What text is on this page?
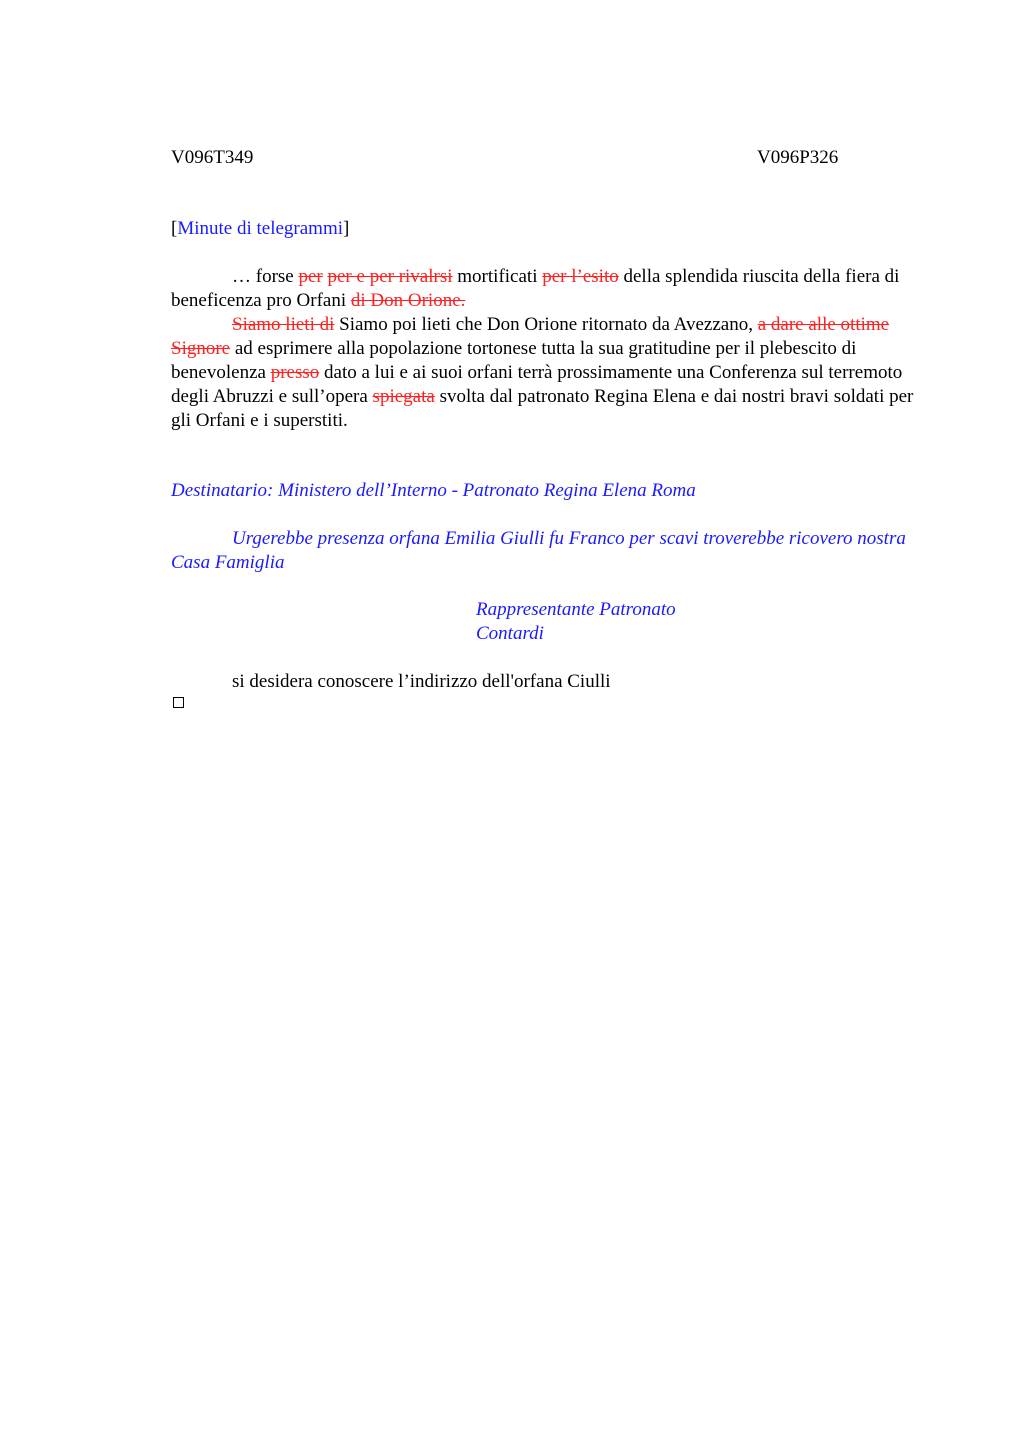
V096T349	V096P326
[Minute di telegrammi]

… forse per per e per rivalrsi mortificati per l’esito della splendida riuscita della fiera di beneficenza pro Orfani di Don Orione.

Siamo lieti di Siamo poi lieti che Don Orione ritornato da Avezzano, a dare alle ottime Signore ad esprimere alla popolazione tortonese tutta la sua gratitudine per il plebescito di benevolenza presso dato a lui e ai suoi orfani terrà prossimamente una Conferenza sul terremoto degli Abruzzi e sull’opera spiegata svolta dal patronato Regina Elena e dai nostri bravi soldati per gli Orfani e i superstiti.

Destinatario: Ministero dell’Interno - Patronato Regina Elena Roma

Urgerebbe presenza orfana Emilia Giulli fu Franco per scavi troverebbe ricovero nostra Casa Famiglia

Rappresentante Patronato
Contardi
si desidera conoscere l’indirizzo dell'orfana Ciulli
